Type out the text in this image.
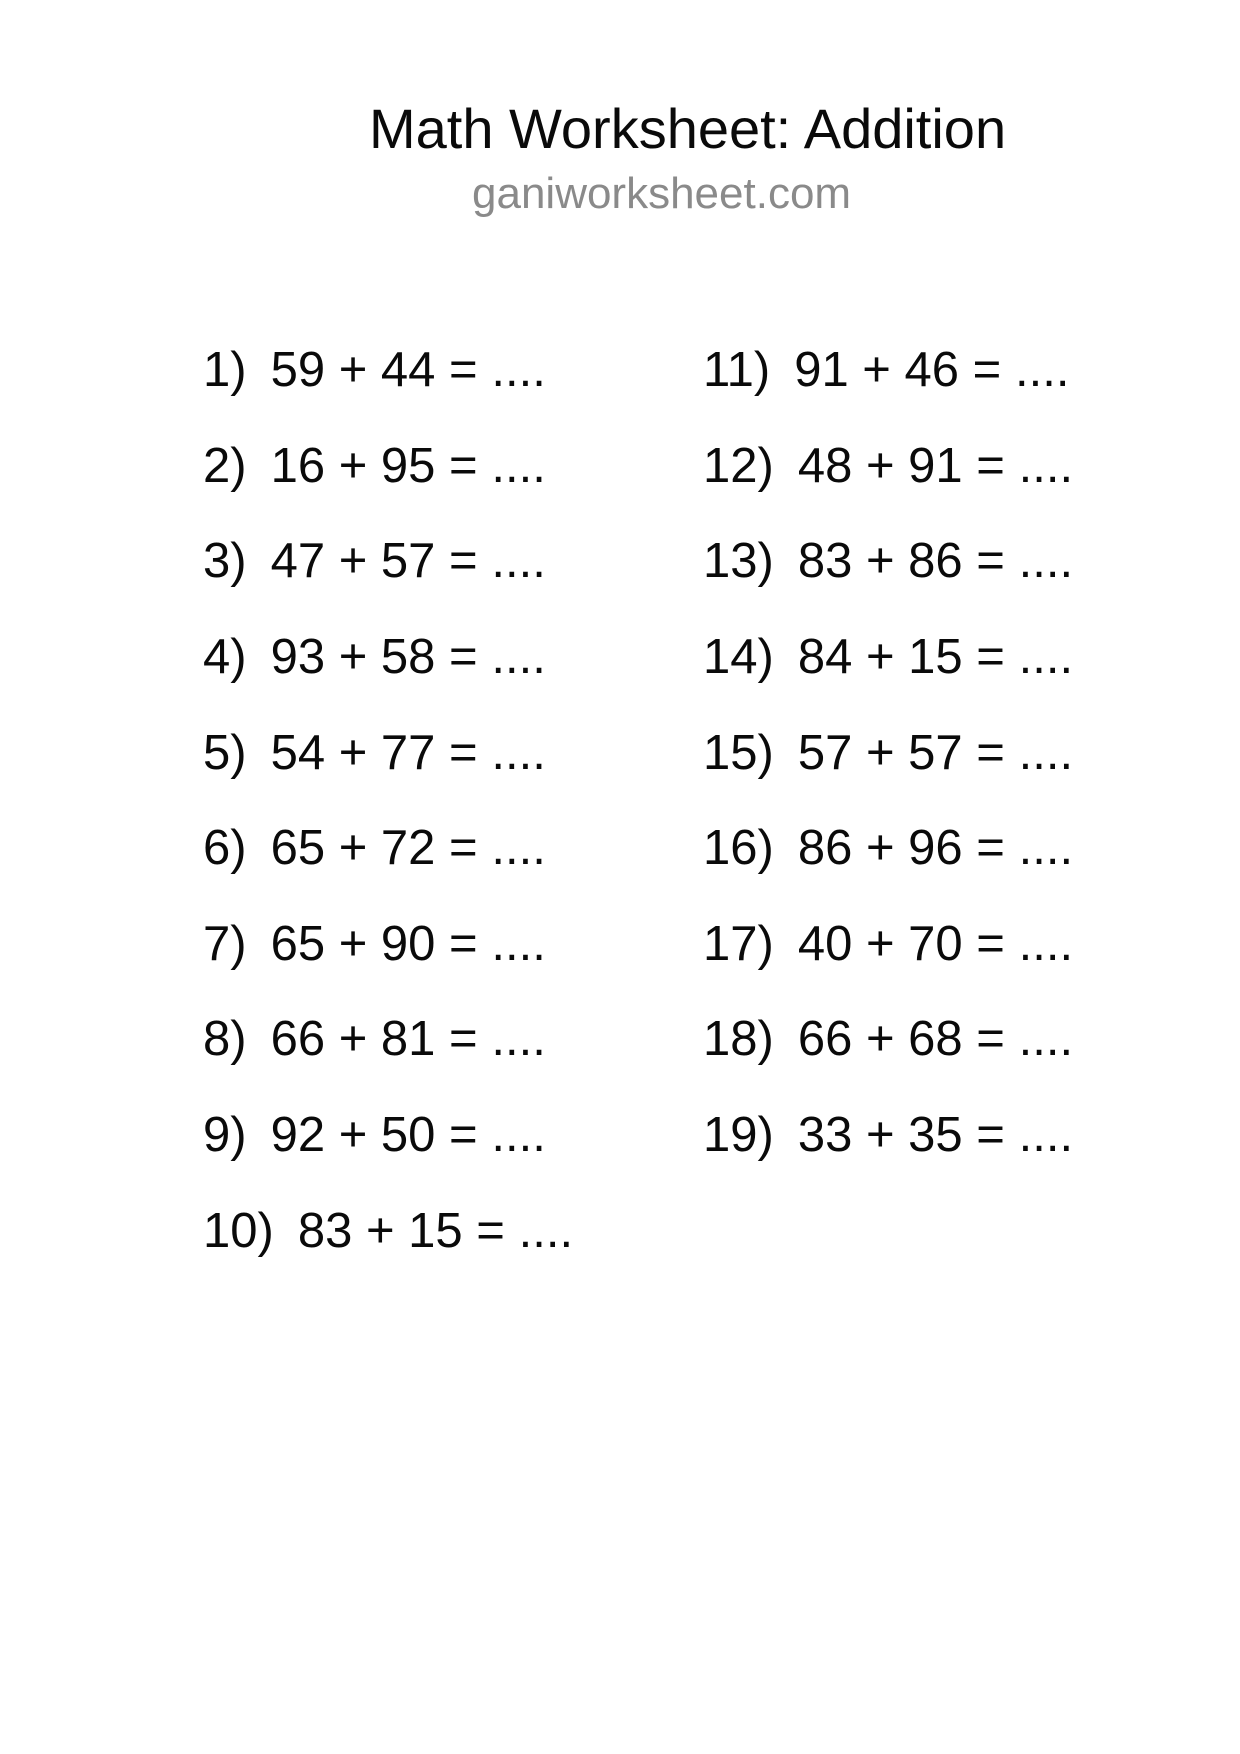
Math Worksheet: Addition
ganiworksheet.com
1) 59 + 44 = ....
2) 16 + 95 = ....
3) 47 + 57 = ....
4) 93 + 58 = ....
5) 54 + 77 = ....
6) 65 + 72 = ....
7) 65 + 90 = ....
8) 66 + 81 = ....
9) 92 + 50 = ....
10) 83 + 15 = ....
11) 91 + 46 = ....
12) 48 + 91 = ....
13) 83 + 86 = ....
14) 84 + 15 = ....
15) 57 + 57 = ....
16) 86 + 96 = ....
17) 40 + 70 = ....
18) 66 + 68 = ....
19) 33 + 35 = ....
